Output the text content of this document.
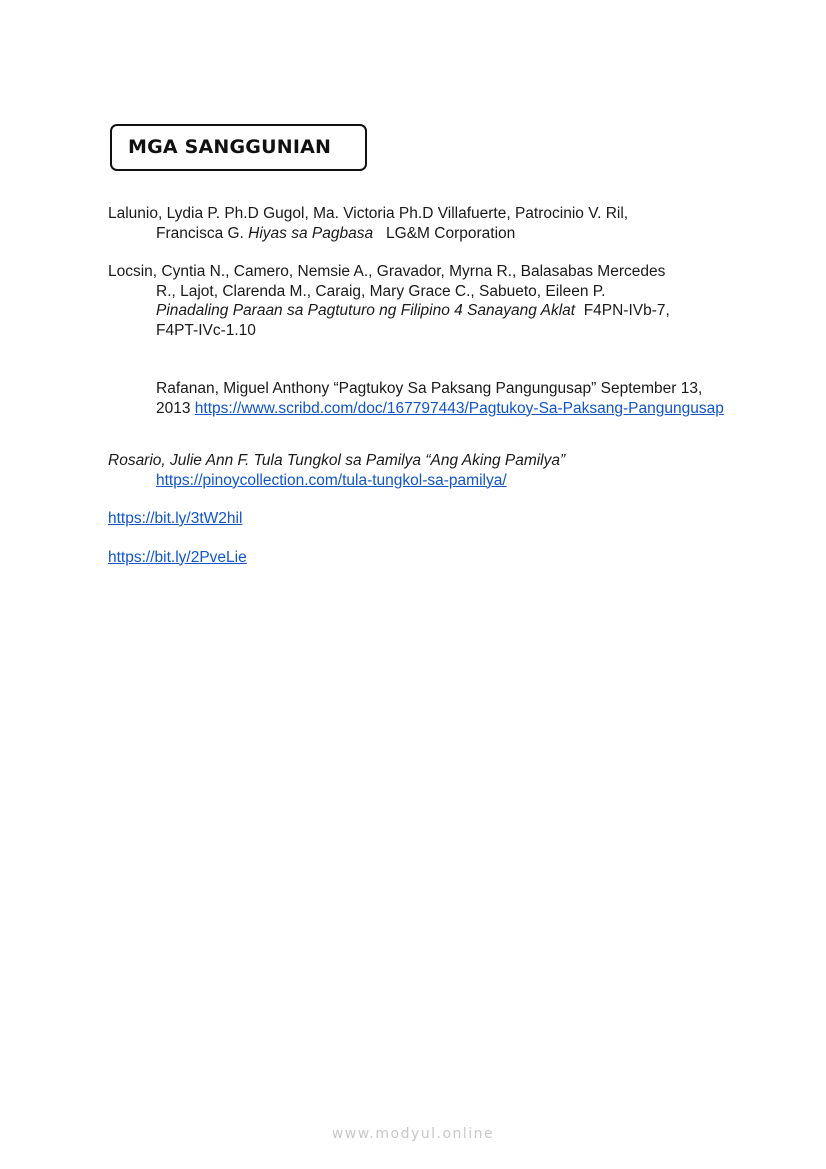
MGA SANGGUNIAN

Lalunio, Lydia P. Ph.D Gugol, Ma. Victoria Ph.D Villafuerte, Patrocinio V. Ril,
Francisca G. Hiyas sa Pagbasa   LG&M Corporation

Locsin, Cyntia N., Camero, Nemsie A., Gravador, Myrna R., Balasabas Mercedes
R., Lajot, Clarenda M., Caraig, Mary Grace C., Sabueto, Eileen P.
Pinadaling Paraan sa Pagtuturo ng Filipino 4 Sanayang Aklat  F4PN-IVb-7,
F4PT-IVc-1.10

Rafanan, Miguel Anthony “Pagtukoy Sa Paksang Pangungusap” September 13, 2013 https://www.scribd.com/doc/167797443/Pagtukoy-Sa-Paksang-Pangungusap

Rosario, Julie Ann F. Tula Tungkol sa Pamilya “Ang Aking Pamilya”
https://pinoycollection.com/tula-tungkol-sa-pamilya/

https://bit.ly/3tW2hil

https://bit.ly/2PveLie

www.modyul.online
